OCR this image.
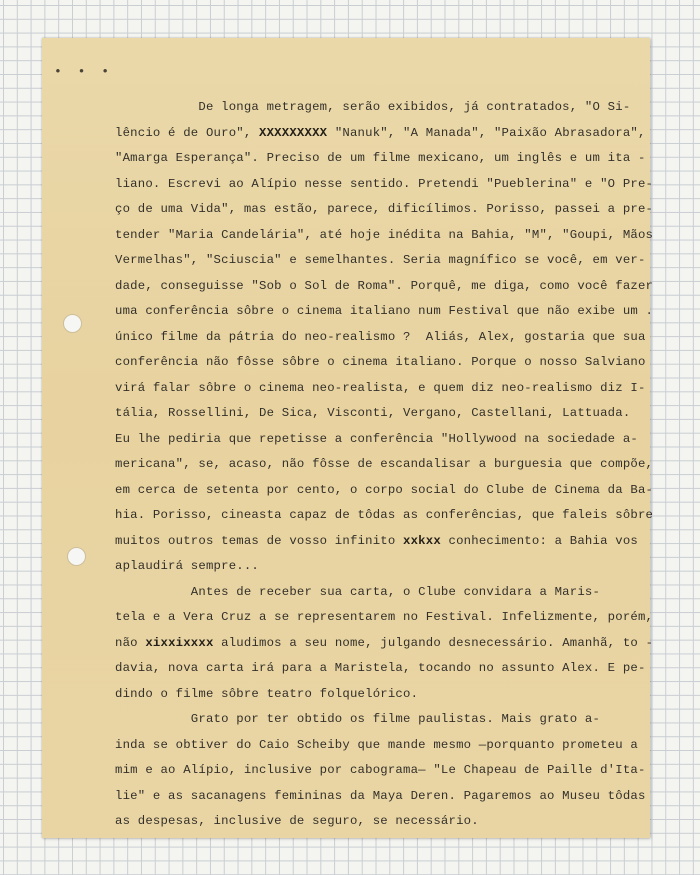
• • •
De longa metragem, serão exibidos, já contratados, "O Si-
lêncio é de Ouro", XXXXXXXXX "Nanuk", "A Manada", "Paixão Abrasadora",
"Amarga Esperança". Preciso de um filme mexicano, um inglês e um ita -
liano. Escrevi ao Alípio nesse sentido. Pretendi "Pueblerina" e "O Pre-
ço de uma Vida", mas estão, parece, dificílimos. Porisso, passei a pre-
tender "Maria Candelária", até hoje inédita na Bahia, "M", "Goupi, Mãos
Vermelhas", "Sciuscia" e semelhantes. Seria magnífico se você, em ver-
dade, conseguisse "Sob o Sol de Roma". Porquê, me diga, como você fazer
uma conferência sôbre o cinema italiano num Festival que não exibe um .
único filme da pátria do neo-realismo ?  Aliás, Alex, gostaria que sua
conferência não fôsse sôbre o cinema italiano. Porque o nosso Salviano
virá falar sôbre o cinema neo-realista, e quem diz neo-realismo diz I-
tália, Rossellini, De Sica, Visconti, Vergano, Castellani, Lattuada.
Eu lhe pediria que repetisse a conferência "Hollywood na sociedade a-
mericana", se, acaso, não fôsse de escandalisar a burguesia que compõe,
em cerca de setenta por cento, o corpo social do Clube de Cinema da Ba-
hia. Porisso, cineasta capaz de tôdas as conferências, que faleis sôbre
muitos outros temas de vosso infinito xxkxx conhecimento: a Bahia vos
aplaudirá sempre...
Antes de receber sua carta, o Clube convidara a Maris-
tela e a Vera Cruz a se representarem no Festival. Infelizmente, porém,
não xixxixxxx aludimos a seu nome, julgando desnecessário. Amanhã, to -
davia, nova carta irá para a Maristela, tocando no assunto Alex. E pe-
dindo o filme sôbre teatro folquelórico.
Grato por ter obtido os filme paulistas. Mais grato a-
inda se obtiver do Caio Scheiby que mande mesmo —porquanto prometeu a
mim e ao Alípio, inclusive por cabograma— "Le Chapeau de Paille d'Ita-
lie" e as sacanagens femininas da Maya Deren. Pagaremos ao Museu tôdas
as despesas, inclusive de seguro, se necessário.
